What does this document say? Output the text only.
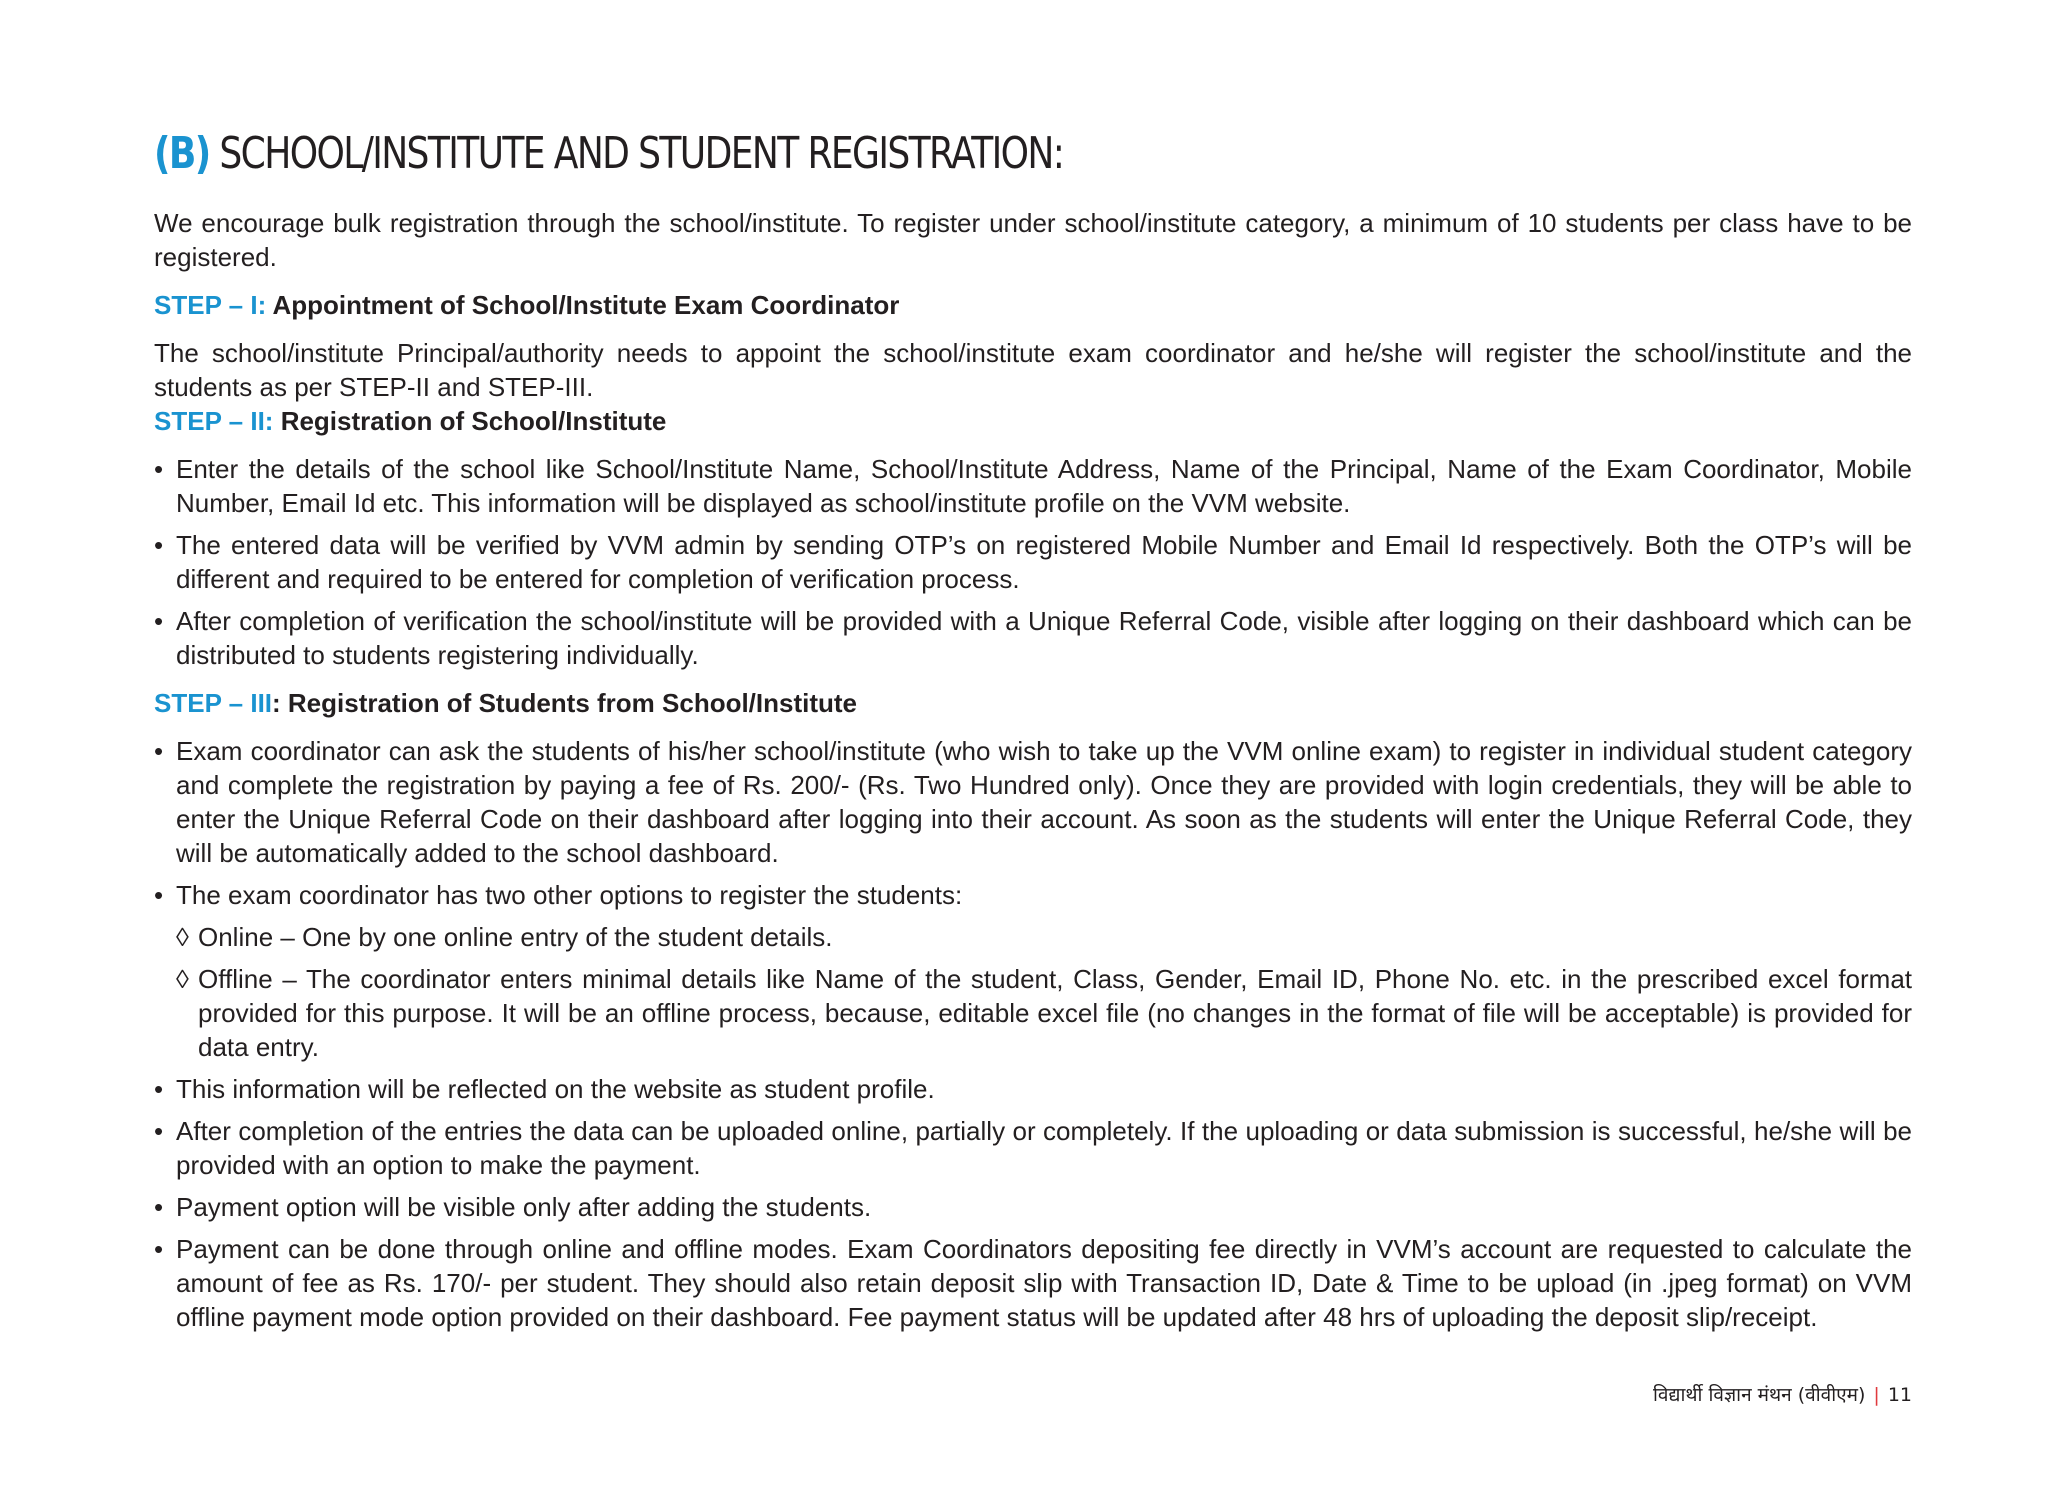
(B) SCHOOL/INSTITUTE AND STUDENT REGISTRATION:

We encourage bulk registration through the school/institute. To register under school/institute category, a minimum of 10 students per class have to be registered.

STEP – I: Appointment of School/Institute Exam Coordinator

The school/institute Principal/authority needs to appoint the school/institute exam coordinator and he/she will register the school/institute and the students as per STEP-II and STEP-III.

STEP – II: Registration of School/Institute

• Enter the details of the school like School/Institute Name, School/Institute Address, Name of the Principal, Name of the Exam Coordinator, Mobile Number, Email Id etc. This information will be displayed as school/institute profile on the VVM website.
• The entered data will be verified by VVM admin by sending OTP’s on registered Mobile Number and Email Id respectively. Both the OTP’s will be different and required to be entered for completion of verification process.
• After completion of verification the school/institute will be provided with a Unique Referral Code, visible after logging on their dashboard which can be distributed to students registering individually.

STEP – III: Registration of Students from School/Institute

• Exam coordinator can ask the students of his/her school/institute (who wish to take up the VVM online exam) to register in individual student category and complete the registration by paying a fee of Rs. 200/- (Rs. Two Hundred only). Once they are provided with login credentials, they will be able to enter the Unique Referral Code on their dashboard after logging into their account. As soon as the students will enter the Unique Referral Code, they will be automatically added to the school dashboard.
• The exam coordinator has two other options to register the students:
◊ Online – One by one online entry of the student details.
◊ Offline – The coordinator enters minimal details like Name of the student, Class, Gender, Email ID, Phone No. etc. in the prescribed excel format provided for this purpose. It will be an offline process, because, editable excel file (no changes in the format of file will be acceptable) is provided for data entry.
• This information will be reflected on the website as student profile.
• After completion of the entries the data can be uploaded online, partially or completely. If the uploading or data submission is successful, he/she will be provided with an option to make the payment.
• Payment option will be visible only after adding the students.
• Payment can be done through online and offline modes. Exam Coordinators depositing fee directly in VVM’s account are requested to calculate the amount of fee as Rs. 170/- per student. They should also retain deposit slip with Transaction ID, Date & Time to be upload (in .jpeg format) on VVM offline payment mode option provided on their dashboard. Fee payment status will be updated after 48 hrs of uploading the deposit slip/receipt.
विद्यार्थी विज्ञान मंथन (वीवीएम) | 11
